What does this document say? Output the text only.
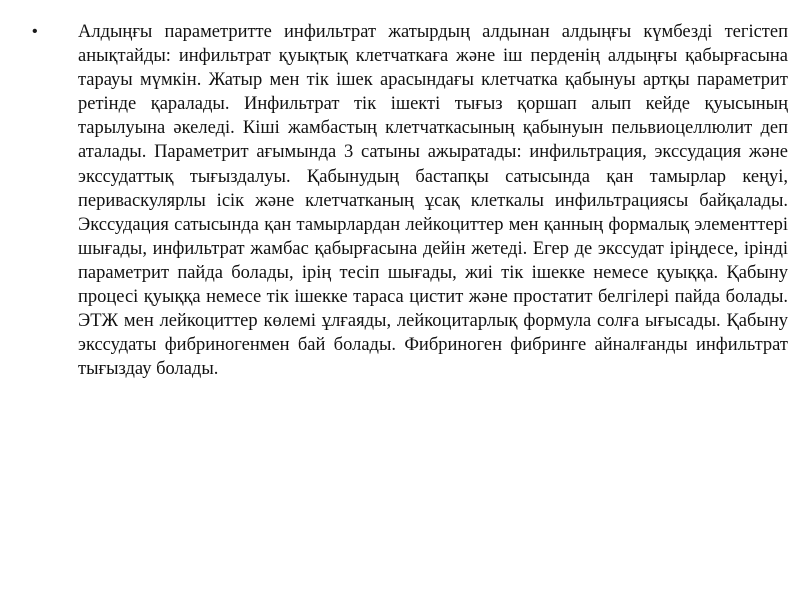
•	Алдыңғы параметритте инфильтрат жатырдың алдынан алдыңғы күмбезді тегістеп анықтайды: инфильтрат қуықтық клетчаткаға және іш перденің алдыңғы қабырғасына тарауы мүмкін. Жатыр мен тік ішек арасындағы клетчатка қабынуы артқы параметрит ретінде қаралады. Инфильтрат тік ішекті тығыз қоршап алып кейде қуысының тарылуына әкеледі. Кіші жамбастың клетчаткасының қабынуын пельвиоцеллюлит деп аталады. Параметрит ағымында 3 сатыны ажыратады: инфильтрация, экссудация және экссудаттық тығыздалуы. Қабынудың бастапқы сатысында қан тамырлар кеңуі, периваскулярлы ісік және клетчатканың ұсақ клеткалы инфильтрациясы байқалады. Экссудация сатысында қан тамырлардан лейкоциттер мен қанның формалық элементтері шығады, инфильтрат жамбас қабырғасына дейін жетеді. Егер де экссудат іріңдесе, ірінді параметрит пайда болады, ірің тесіп шығады, жиі тік ішекке немесе қуыққа. Қабыну процесі қуыққа немесе тік ішекке тараса цистит және простатит белгілері пайда болады. ЭТЖ мен лейкоциттер көлемі ұлғаяды, лейкоцитарлық формула солға ығысады. Қабыну экссудаты фибриногенмен бай болады. Фибриноген фибринге айналғанды инфильтрат тығыздау болады.
